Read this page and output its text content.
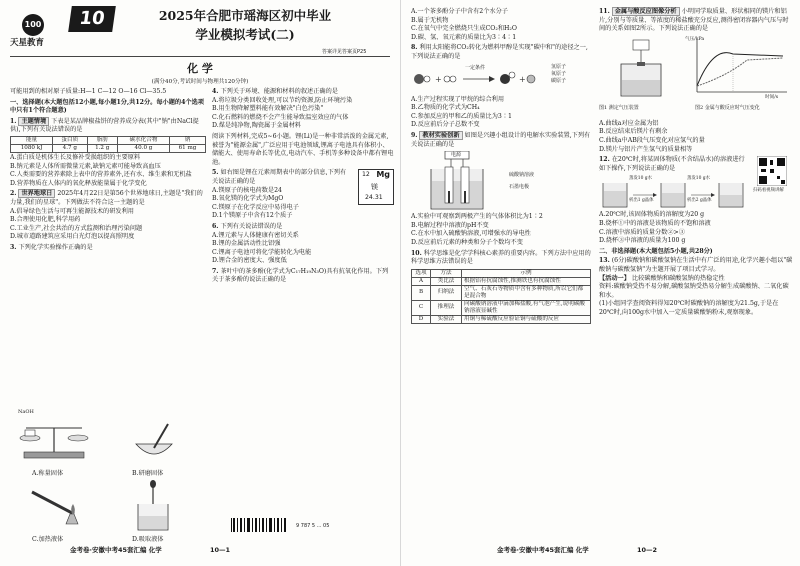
100
天星教育
10	2025年合肥市瑶海区初中毕业
学业模拟考试(二)
答案详见答案页P25
化 学
(满分40分,考试时间与物理共120分钟)
可能用到的相对原子质量:H—1 C—12 O—16 Cl—35.5
一、选择题(本大题包括12小题,每小题1分,共12分。每小题的4个选项中只有1个符合题意)
1. 主题情境 下表是某品牌椒盐饼的营养成分表(其中"钠"由NaCl提供),下列有关说法错误的是
能量	蛋白质	脂肪	碳水化合物	钠
1080 kJ	4.7 g	1.2 g	40.0 g	61 mg

A.蛋白质是机体生长及修补受损组织的主要原料

B.钠元素是人体所需微量元素,缺钠元素可能导致高血压

C.人类需要的营养素除上表中的营养素外,还有水、维生素和无机盐

D.营养物质在人体内的氧化释放能量属于化学变化

2. 世界地球日 2025年4月22日是第56个世界地球日,主题是"我们的力量,我们的星球"。下列做法不符合这一主题的是

A.倡导绿色生活与可再生能源技术的研发利用

B.合理使用化肥,科学用药

C.工业生产,社会共治的方式监测和治理污染问题

D.城市道路建筑应采用白光灯泡以提高照明度

3. 下列化学实验操作正确的是
NaOH
A.称量固体	B.研磨固体
C.加热液体	D.吸取液体
4. 下列关于环境、能源和材料的叙述正确的是

A.将垃圾分类回收处理,可以节约资源,防止环境污染

B.用生物降解塑料能有效解决"白色污染"

C.化石燃料的燃烧不会产生能导致温室效应的气体

D.煤是纯净物,陶瓷属于金属材料

阅读下列材料,完成5~6小题。锂(Li)是一种非常活泼的金属元素,被誉为"能源金属",广泛应用于电池领域,锂离子电池具有体积小、储能大、使用寿命长等优点,电动汽车、手机等多种设备中都有锂电池。
5. 如右图是锂在元素周期表中的部分信息,下列有关说法正确的是
12 Mg
镁
24.31

A.镁原子的核电荷数是24

B.氧化镁的化学式为MgO

C.镁原子在化学反应中易得电子

D.1个镁原子中含有12个质子

6. 下列有关说法错误的是

A.锂元素与人体健康有密切关系

B.锂的金属活动性比铝强

C.锂离子电池可将化学能转化为电能

D.锂合金的密度大、强度低

7. 茶叶中的茶多酚(化学式为C₁₇H₁₉N₃O)具有抗氧化作用。下列关于茶多酚的说法正确的是
9 787 5 ... 05
金考卷·安徽中考45套汇编 化学	10—1

A.一个茶多酚分子中含有2个水分子

B.属于无机物

C.在氧气中完全燃烧只生成CO₂和H₂O

D.碳、氢、氧元素的质量比为3∶4∶1

8. 利用太阳能将CO₂转化为燃料甲醇是实现"碳中和"的途径之一,下列说法正确的是
+	+
一定条件	氢原子
氧原子
碳原子

A.生产过程实现了甲烷的综合利用

B.乙物质的化学式为CH₄

C.参加反应的甲和乙的质量比为3∶1

D.反应前后分子总数不变

9. 教材实验创新 如图是兴趣小组设计的电解水实验装置,下列有关说法正确的是
电源
硫酸钠溶液
石墨电极

A.实验中可观察到两极产生的气体体积比为1∶2

B.电解过程中溶液的pH不变

C.在水中加入硫酸钠溶液,可增强水的导电性

D.反应前后元素的种类和分子个数均不变

10. 科学思维是化学学科核心素养的重要内容。下列方法中应用的科学思维方法错误的是
选项	方法	示例
A	类比法	根据铝有抗腐蚀性,推测铁也有抗腐蚀性
B	归纳法	空气、石灰石等物质中含有多种物质,所以它们都是混合物
C	推理法	向碳酸钠溶液中滴加稀盐酸,有气泡产生,说明碳酸钠溶液显碱性
D	实验法	用铜与稀硫酸反应验证铜与硫酸的反应
11. 金属与酸反应图像分析 小明同学取质量、形状相同的镁片和铝片,分别与等质量、等浓度的稀盐酸充分反应,测得密闭容器内气压与时间的关系如图2所示。下列说法正确的是
图1 测定气压装置
气压/kPa
时间/s
图2 金属与酸反应时气压变化

A.曲线a对应金属为铝

B.反应结束后镁片有剩余

C.曲线a中AB段气压变化对应氢气的量

D.镁片与铝片产生氢气的质量相等

12. 在20℃时,将某固体物质(不含结晶水)的溶液进行如下操作,下列说法正确的是
扫码看视频讲解
蒸发10 g水
析出1 g晶体
蒸发10 g水
析出2 g晶体

A.20℃时,该固体物质的溶解度为20 g

B.烧杯①中的溶液是该物质的不饱和溶液

C.溶液中溶质的质量分数②>③

D.烧杯③中溶液的质量为100 g

二、非选择题(本大题包括5小题,共28分)
13. (6分)碳酸钠和碳酸氢钠在生活中有广泛的用途,化学兴趣小组以"碳酸钠与碳酸氢钠"为主题开展了项目式学习。
【活动一】 比较碳酸钠和碳酸氢钠的热稳定性
资料:碳酸钠受热不易分解,碳酸氢钠受热易分解生成碳酸钠、二氧化碳和水。
(1)小组同学查阅资料得知20℃时碳酸钠的溶解度为21.5g,于是在20℃时,向100g水中加入一定质量碳酸钠粉末,观察现象。
金考卷·安徽中考45套汇编 化学	10—2
